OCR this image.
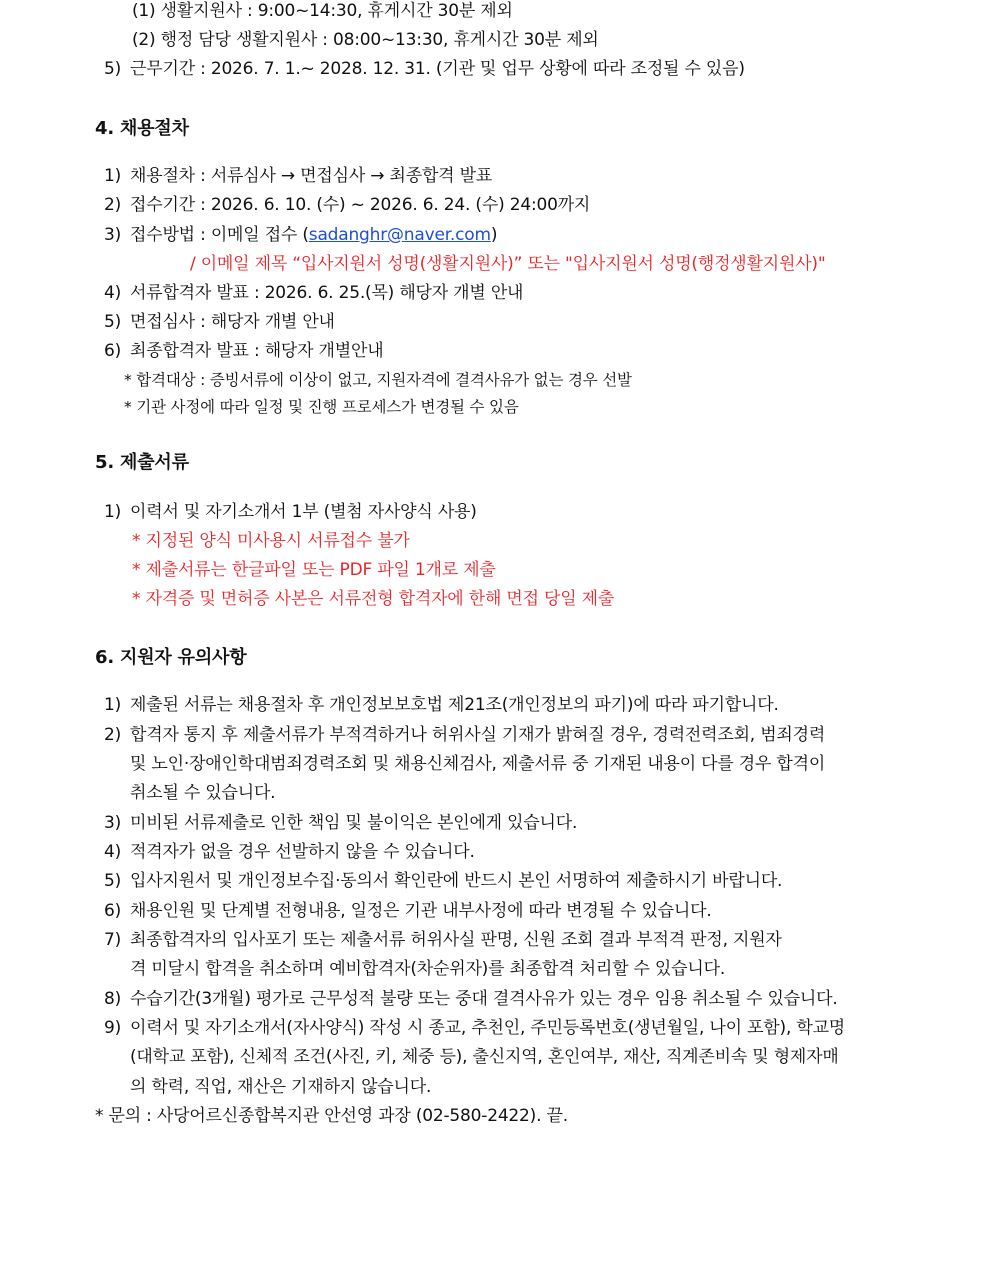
(1) 생활지원사 : 9:00~14:30, 휴게시간 30분 제외
(2) 행정 담당 생활지원사 : 08:00~13:30, 휴게시간 30분 제외
5) 근무기간 : 2026. 7. 1.~ 2028. 12. 31. (기관 및 업무 상황에 따라 조정될 수 있음)
4. 채용절차
1) 채용절차 : 서류심사 → 면접심사 → 최종합격 발표
2) 접수기간 : 2026. 6. 10. (수) ~ 2026. 6. 24. (수) 24:00까지
3) 접수방법 : 이메일 접수 (sadanghr@naver.com)
/ 이메일 제목 “입사지원서 성명(생활지원사)” 또는 "입사지원서 성명(행정생활지원사)"
4) 서류합격자 발표 : 2026. 6. 25.(목) 해당자 개별 안내
5) 면접심사 : 해당자 개별 안내
6) 최종합격자 발표 : 해당자 개별안내
* 합격대상 : 증빙서류에 이상이 없고, 지원자격에 결격사유가 없는 경우 선발
* 기관 사정에 따라 일정 및 진행 프로세스가 변경될 수 있음
5. 제출서류
1) 이력서 및 자기소개서 1부 (별첨 자사양식 사용)
* 지정된 양식 미사용시 서류접수 불가
* 제출서류는 한글파일 또는 PDF 파일 1개로 제출
* 자격증 및 면허증 사본은 서류전형 합격자에 한해 면접 당일 제출
6. 지원자 유의사항
1) 제출된 서류는 채용절차 후 개인정보보호법 제21조(개인정보의 파기)에 따라 파기합니다.
2) 합격자 통지 후 제출서류가 부적격하거나 허위사실 기재가 밝혀질 경우, 경력전력조회, 범죄경력
및 노인·장애인학대범죄경력조회 및 채용신체검사, 제출서류 중 기재된 내용이 다를 경우 합격이
취소될 수 있습니다.
3) 미비된 서류제출로 인한 책임 및 불이익은 본인에게 있습니다.
4) 적격자가 없을 경우 선발하지 않을 수 있습니다.
5) 입사지원서 및 개인정보수집·동의서 확인란에 반드시 본인 서명하여 제출하시기 바랍니다.
6) 채용인원 및 단계별 전형내용, 일정은 기관 내부사정에 따라 변경될 수 있습니다.
7) 최종합격자의 입사포기 또는 제출서류 허위사실 판명, 신원 조회 결과 부적격 판정, 지원자
격 미달시 합격을 취소하며 예비합격자(차순위자)를 최종합격 처리할 수 있습니다.
8) 수습기간(3개월) 평가로 근무성적 불량 또는 중대 결격사유가 있는 경우 임용 취소될 수 있습니다.
9) 이력서 및 자기소개서(자사양식) 작성 시 종교, 추천인, 주민등록번호(생년월일, 나이 포함), 학교명
(대학교 포함), 신체적 조건(사진, 키, 체중 등), 출신지역, 혼인여부, 재산, 직계존비속 및 형제자매
의 학력, 직업, 재산은 기재하지 않습니다.
* 문의 : 사당어르신종합복지관 안선영 과장 (02-580-2422). 끝.
